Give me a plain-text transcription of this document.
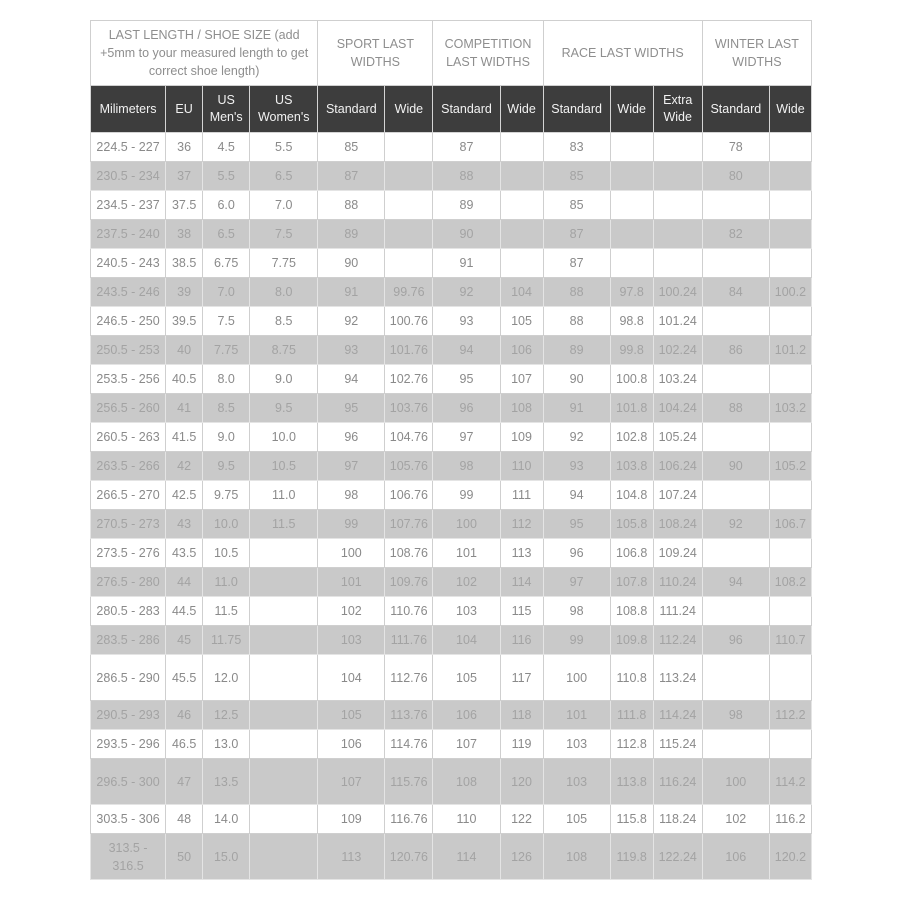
LAST LENGTH / SHOE SIZE (add +5mm to your measured length to get correct shoe length)				SPORT LAST WIDTHS		COMPETITION LAST WIDTHS		RACE LAST WIDTHS			WINTER LAST WIDTHS	
Milimeters	EU	US Men's	US Women's	Standard	Wide	Standard	Wide	Standard	Wide	Extra Wide	Standard	Wide
224.5 - 227	36	4.5	5.5	85		87		83			78	
230.5 - 234	37	5.5	6.5	87		88		85			80	
234.5 - 237	37.5	6.0	7.0	88		89		85				
237.5 - 240	38	6.5	7.5	89		90		87			82	
240.5 - 243	38.5	6.75	7.75	90		91		87				
243.5 - 246	39	7.0	8.0	91	99.76	92	104	88	97.8	100.24	84	100.2
246.5 - 250	39.5	7.5	8.5	92	100.76	93	105	88	98.8	101.24		
250.5 - 253	40	7.75	8.75	93	101.76	94	106	89	99.8	102.24	86	101.2
253.5 - 256	40.5	8.0	9.0	94	102.76	95	107	90	100.8	103.24		
256.5 - 260	41	8.5	9.5	95	103.76	96	108	91	101.8	104.24	88	103.2
260.5 - 263	41.5	9.0	10.0	96	104.76	97	109	92	102.8	105.24		
263.5 - 266	42	9.5	10.5	97	105.76	98	110	93	103.8	106.24	90	105.2
266.5 - 270	42.5	9.75	11.0	98	106.76	99	111	94	104.8	107.24		
270.5 - 273	43	10.0	11.5	99	107.76	100	112	95	105.8	108.24	92	106.7
273.5 - 276	43.5	10.5		100	108.76	101	113	96	106.8	109.24		
276.5 - 280	44	11.0		101	109.76	102	114	97	107.8	110.24	94	108.2
280.5 - 283	44.5	11.5		102	110.76	103	115	98	108.8	111.24		
283.5 - 286	45	11.75		103	111.76	104	116	99	109.8	112.24	96	110.7
286.5 - 290	45.5	12.0		104	112.76	105	117	100	110.8	113.24		
290.5 - 293	46	12.5		105	113.76	106	118	101	111.8	114.24	98	112.2
293.5 - 296	46.5	13.0		106	114.76	107	119	103	112.8	115.24		
296.5 - 300	47	13.5		107	115.76	108	120	103	113.8	116.24	100	114.2
303.5 - 306	48	14.0		109	116.76	110	122	105	115.8	118.24	102	116.2
313.5 - 316.5	50	15.0		113	120.76	114	126	108	119.8	122.24	106	120.2
